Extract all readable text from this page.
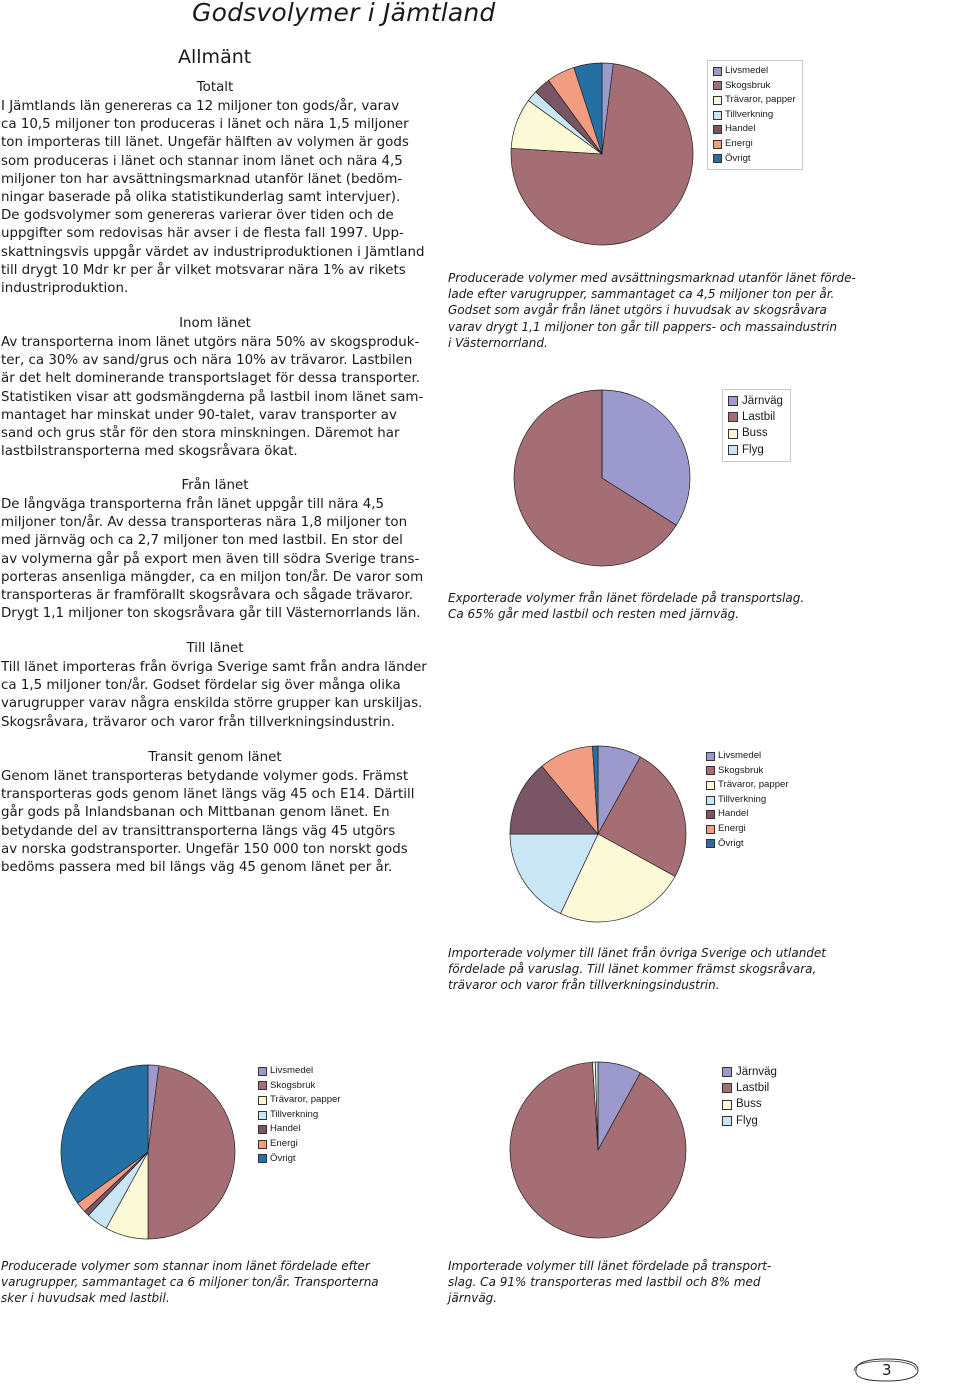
Godsvolymer i Jämtland
Allmänt
Totalt

I Jämtlands län genereras ca 12 miljoner ton gods/år, varav
ca 10,5 miljoner ton produceras i länet och nära 1,5 miljoner
ton importeras till länet. Ungefär hälften av volymen är gods
som produceras i länet och stannar inom länet och nära 4,5
miljoner ton har avsättningsmarknad utanför länet (bedöm-
ningar baserade på olika statistikunderlag samt intervjuer).
De godsvolymer som genereras varierar över tiden och de
uppgifter som redovisas här avser i de flesta fall 1997. Upp-
skattningsvis uppgår värdet av industriproduktionen i Jämtland
till drygt 10 Mdr kr per år vilket motsvarar nära 1% av rikets
industriproduktion.

Inom länet

Av transporterna inom länet utgörs nära 50% av skogsproduk-
ter, ca 30% av sand/grus och nära 10% av trävaror. Lastbilen
är det helt dominerande transportslaget för dessa transporter.
Statistiken visar att godsmängderna på lastbil inom länet sam-
mantaget har minskat under 90-talet, varav transporter av
sand och grus står för den stora minskningen. Däremot har
lastbilstransporterna med skogsråvara ökat.

Från länet

De långväga transporterna från länet uppgår till nära 4,5
miljoner ton/år. Av dessa transporteras nära 1,8 miljoner ton
med järnväg och ca 2,7 miljoner ton med lastbil. En stor del
av volymerna går på export men även till södra Sverige trans-
porteras ansenliga mängder, ca en miljon ton/år. De varor som
transporteras är framförallt skogsråvara och sågade trävaror.
Drygt 1,1 miljoner ton skogsråvara går till Västernorrlands län.

Till länet

Till länet importeras från övriga Sverige samt från andra länder
ca 1,5 miljoner ton/år. Godset fördelar sig över många olika
varugrupper varav några enskilda större grupper kan urskiljas.
Skogsråvara, trävaror och varor från tillverkningsindustrin.

Transit genom länet

Genom länet transporteras betydande volymer gods. Främst
transporteras gods genom länet längs väg 45 och E14. Därtill
går gods på Inlandsbanan och Mittbanan genom länet. En
betydande del av transittransporterna längs väg 45 utgörs
av norska godstransporter. Ungefär 150 000 ton norskt gods
bedöms passera med bil längs väg 45 genom länet per år.

Livsmedel
Skogsbruk
Trävaror, papper
Tillverkning
Handel
Energi
Övrigt

Producerade volymer med avsättningsmarknad utanför länet förde-
lade efter varugrupper, sammantaget ca 4,5 miljoner ton per år.
Godset som avgår från länet utgörs i huvudsak av skogsråvara
varav drygt 1,1 miljoner ton går till pappers- och massaindustrin
i Västernorrland.

Järnväg
Lastbil
Buss
Flyg

Exporterade volymer från länet fördelade på transportslag.
Ca 65% går med lastbil och resten med järnväg.

Livsmedel
Skogsbruk
Trävaror, papper
Tillverkning
Handel
Energi
Övrigt

Importerade volymer till länet från övriga Sverige och utlandet
fördelade på varuslag. Till länet kommer främst skogsråvara,
trävaror och varor från tillverkningsindustrin.

Livsmedel
Skogsbruk
Trävaror, papper
Tillverkning
Handel
Energi
Övrigt

Producerade volymer som stannar inom länet fördelade efter
varugrupper, sammantaget ca 6 miljoner ton/år. Transporterna
sker i huvudsak med lastbil.

Järnväg
Lastbil
Buss
Flyg

Importerade volymer till länet fördelade på transport-
slag. Ca 91% transporteras med lastbil och 8% med
järnväg.

3
